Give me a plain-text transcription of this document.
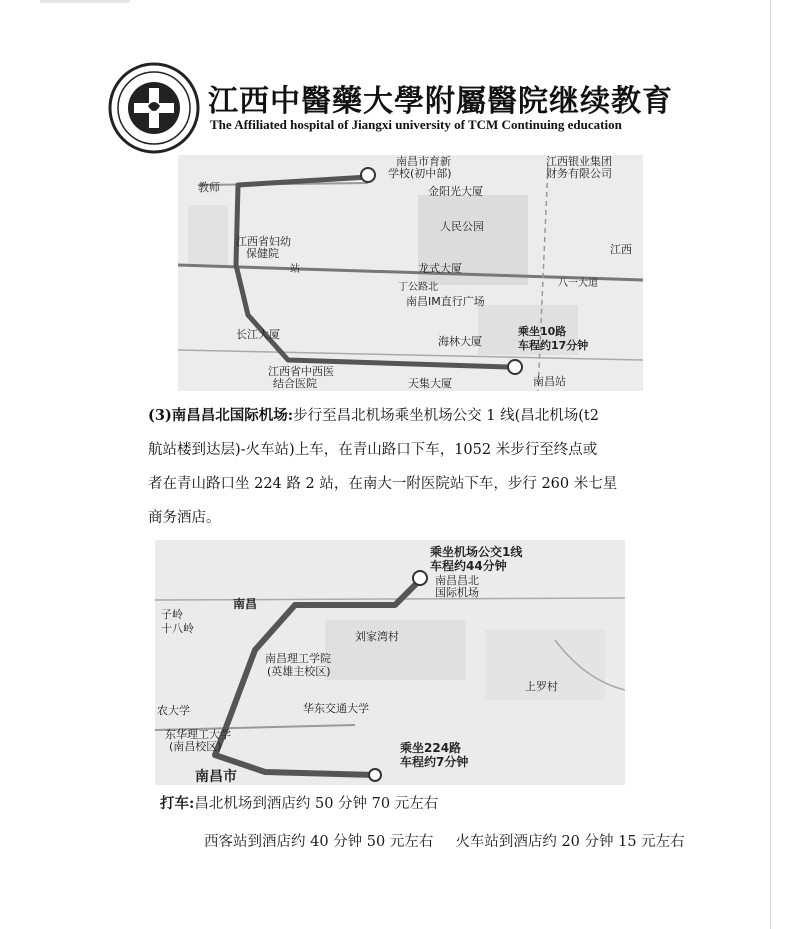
江西中醫藥大學附屬醫院继续教育
The Affiliated hospital of Jiangxi university of TCM Continuing education
南昌市育新
学校(初中部)
江西银业集团
财务有限公司
金阳光大厦
教师
人民公园
江西省妇幼
保健院	江西
龙式大厦
站
八一大道
丁公路北
南昌IM直行广场
长江大厦
海林大厦
乘坐10路
车程约17分钟
江西省中西医
结合医院	天集大厦	南昌站
(3)南昌昌北国际机场:步行至昌北机场乘坐机场公交 1 线(昌北机场(t2
航站楼到达层)-火车站)上车，在青山路口下车，1052 米步行至终点或
者在青山路口坐 224 路 2 站，在南大一附医院站下车，步行 260 米七星
商务酒店。
乘坐机场公交1线
车程约44分钟
南昌昌北
国际机场
南昌
子岭
十八岭
刘家湾村
南昌理工学院
(英雄主校区)
华东交通大学
上罗村
农大学
东华理工大学
(南昌校区)	乘坐224路
车程约7分钟
南昌市
打车:昌北机场到酒店约 50 分钟 70 元左右
西客站到酒店约 40 分钟 50 元左右 火车站到酒店约 20 分钟 15 元左右
